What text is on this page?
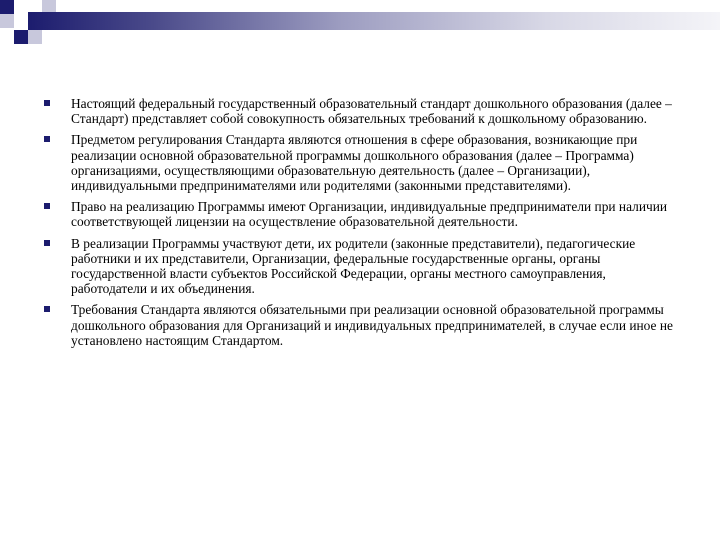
Настоящий федеральный государственный образовательный стандарт дошкольного образования (далее – Стандарт) представляет собой совокупность обязательных требований к дошкольному образованию.
Предметом регулирования Стандарта являются отношения в сфере образования, возникающие при реализации основной образовательной программы дошкольного образования (далее – Программа) организациями, осуществляющими образовательную деятельность (далее – Организации), индивидуальными предпринимателями или родителями (законными представителями).
Право на реализацию Программы имеют Организации, индивидуальные предприниматели при наличии соответствующей лицензии на осуществление образовательной деятельности.
В реализации Программы участвуют дети, их родители (законные представители), педагогические работники и их представители, Организации, федеральные государственные органы, органы государственной власти субъектов Российской Федерации, органы местного самоуправления, работодатели и их объединения.
Требования Стандарта являются обязательными при реализации основной образовательной программы дошкольного образования для Организаций и индивидуальных предпринимателей, в случае если иное не установлено настоящим Стандартом.
